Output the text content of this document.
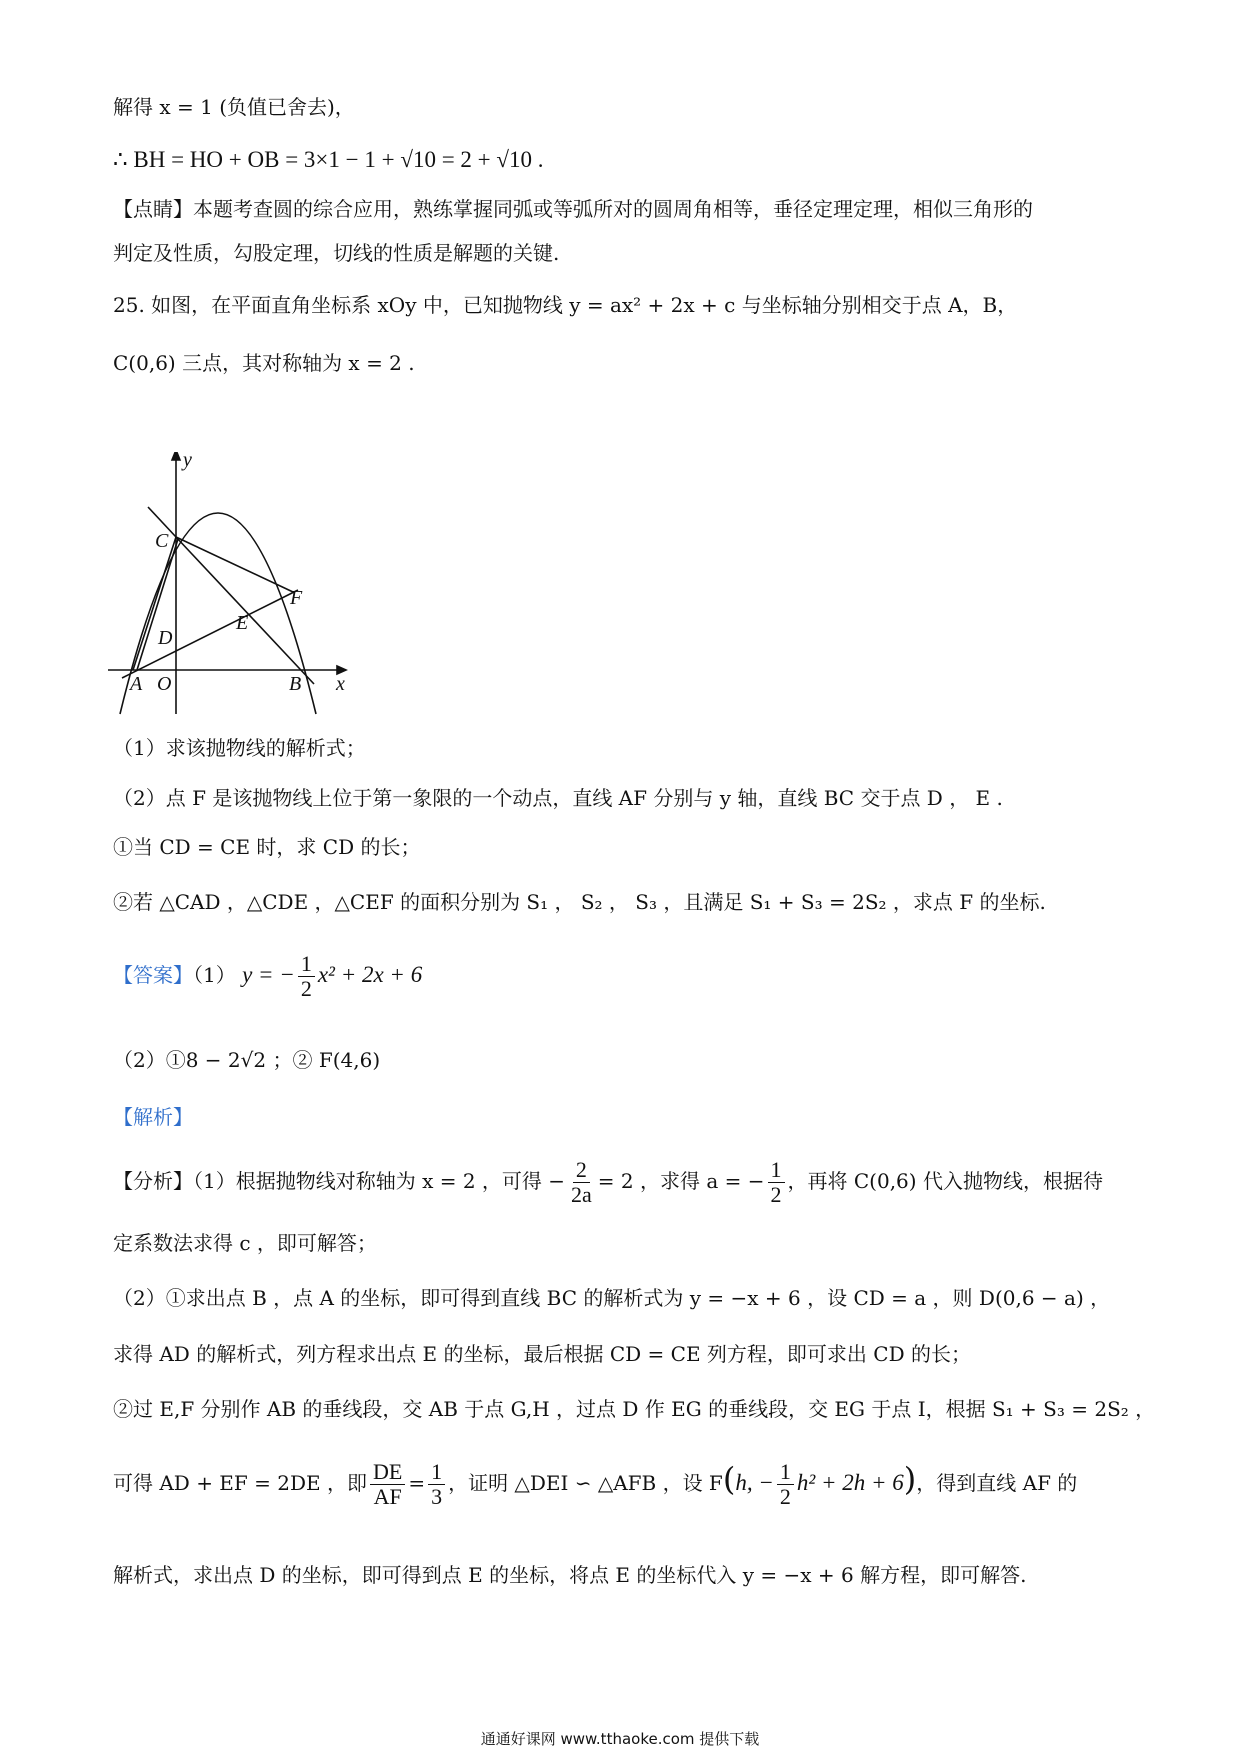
解得 x = 1 (负值已舍去)，
∴ BH = HO + OB = 3×1 − 1 + √10 = 2 + √10 .
【点睛】本题考查圆的综合应用，熟练掌握同弧或等弧所对的圆周角相等，垂径定理定理，相似三角形的
判定及性质，勾股定理，切线的性质是解题的关键.
25. 如图，在平面直角坐标系 xOy 中，已知抛物线 y = ax² + 2x + c 与坐标轴分别相交于点 A，B，
C(0,6) 三点，其对称轴为 x = 2 .
y
C
F
E
D
A O	B x
（1）求该抛物线的解析式；
（2）点 F 是该抛物线上位于第一象限的一个动点，直线 AF 分别与 y 轴，直线 BC 交于点 D ， E .
①当 CD = CE 时，求 CD 的长；
②若 △CAD ，△CDE ，△CEF 的面积分别为 S₁ ， S₂ ， S₃ ，且满足 S₁ + S₃ = 2S₂ ，求点 F 的坐标.
【答案】（1） y = − $\frac{1}{2} x^2 + 2x + 6$
（2）①8 − 2√2 ；② F(4,6)
【解析】
【分析】（1）根据抛物线对称轴为 x = 2 ，可得 − $\frac{2}{2a} = 2$ ，求得 a = − $\frac{1}{2}$ ，再将 C(0,6) 代入抛物线，根据待
定系数法求得 c ，即可解答；
（2）①求出点 B ，点 A 的坐标，即可得到直线 BC 的解析式为 y = −x + 6 ，设 CD = a ，则 D(0,6 − a) ，
求得 AD 的解析式，列方程求出点 E 的坐标，最后根据 CD = CE 列方程，即可求出 CD 的长；
②过 E,F 分别作 AB 的垂线段，交 AB 于点 G,H ，过点 D 作 EG 的垂线段，交 EG 于点 I，根据 S₁ + S₃ = 2S₂ ，
可得 AD + EF = 2DE ，即 $\frac{DE}{AF} = \frac{1}{3}$ ，证明 △DEI ∽ △AFB ，设 F(h, − $\frac{1}{2} h^2 + 2h + 6$)，得到直线 AF 的
解析式，求出点 D 的坐标，即可得到点 E 的坐标，将点 E 的坐标代入 y = −x + 6 解方程，即可解答.
通通好课网 www.tthaoke.com 提供下载
